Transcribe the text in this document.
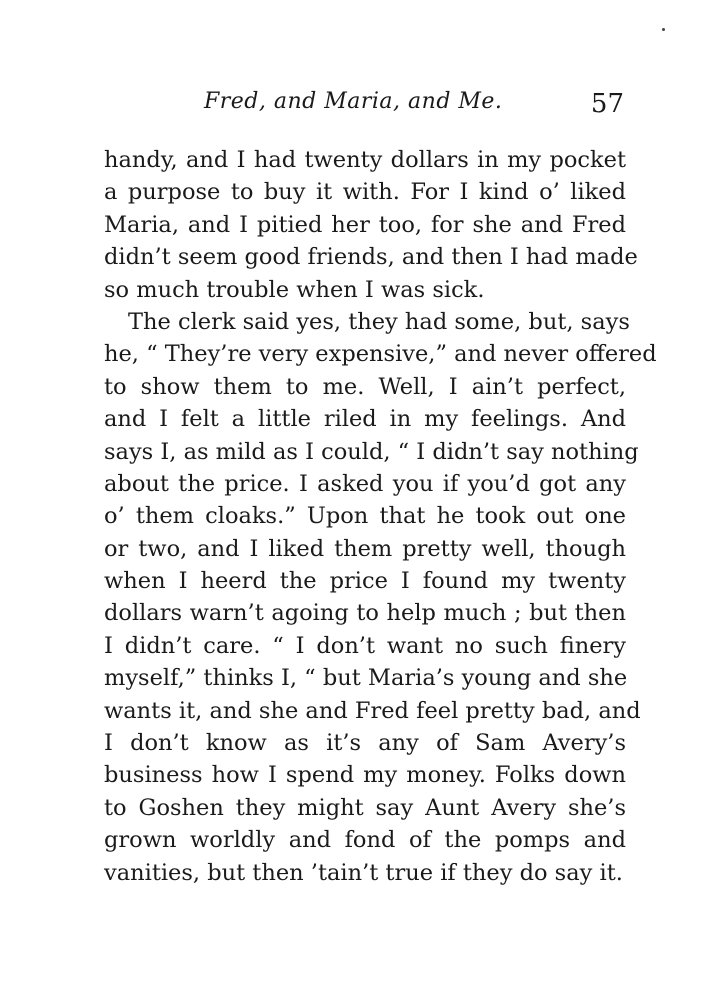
Fred, and Maria, and Me.	57
handy, and I had twenty dollars in my pocket
a purpose to buy it with. For I kind o’ liked
Maria, and I pitied her too, for she and Fred
didn’t seem good friends, and then I had made
so much trouble when I was sick.
The clerk said yes, they had some, but, says
he, “ They’re very expensive,” and never offered
to show them to me. Well, I ain’t perfect,
and I felt a little riled in my feelings. And
says I, as mild as I could, “ I didn’t say nothing
about the price. I asked you if you’d got any
o’ them cloaks.” Upon that he took out one
or two, and I liked them pretty well, though
when I heerd the price I found my twenty
dollars warn’t agoing to help much ; but then
I didn’t care. “ I don’t want no such finery
myself,” thinks I, “ but Maria’s young and she
wants it, and she and Fred feel pretty bad, and
I don’t know as it’s any of Sam Avery’s
business how I spend my money. Folks down
to Goshen they might say Aunt Avery she’s
grown worldly and fond of the pomps and
vanities, but then ’tain’t true if they do say it.
